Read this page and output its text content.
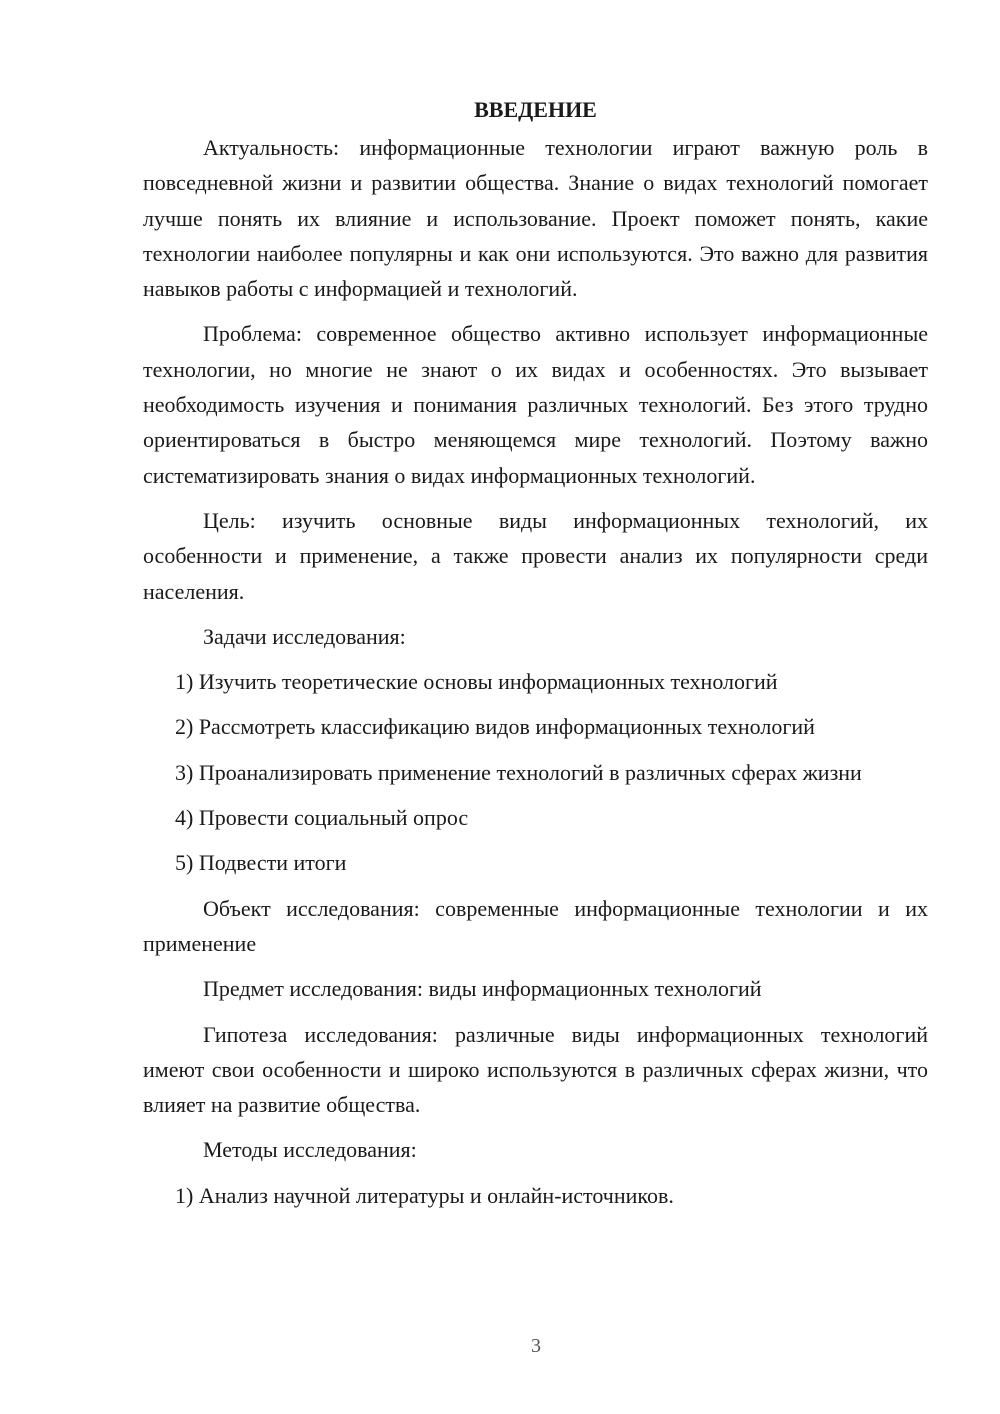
ВВЕДЕНИЕ

Актуальность: информационные технологии играют важную роль в повседневной жизни и развитии общества. Знание о видах технологий помогает лучше понять их влияние и использование. Проект поможет понять, какие технологии наиболее популярны и как они используются. Это важно для развития навыков работы с информацией и технологий.

Проблема: современное общество активно использует информационные технологии, но многие не знают о их видах и особенностях. Это вызывает необходимость изучения и понимания различных технологий. Без этого трудно ориентироваться в быстро меняющемся мире технологий. Поэтому важно систематизировать знания о видах информационных технологий.

Цель: изучить основные виды информационных технологий, их особенности и применение, а также провести анализ их популярности среди населения.

Задачи исследования:

1) Изучить теоретические основы информационных технологий

2) Рассмотреть классификацию видов информационных технологий

3) Проанализировать применение технологий в различных сферах жизни

4) Провести социальный опрос

5) Подвести итоги

Объект исследования: современные информационные технологии и их применение

Предмет исследования: виды информационных технологий

Гипотеза исследования: различные виды информационных технологий имеют свои особенности и широко используются в различных сферах жизни, что влияет на развитие общества.

Методы исследования:

1) Анализ научной литературы и онлайн-источников.

3
